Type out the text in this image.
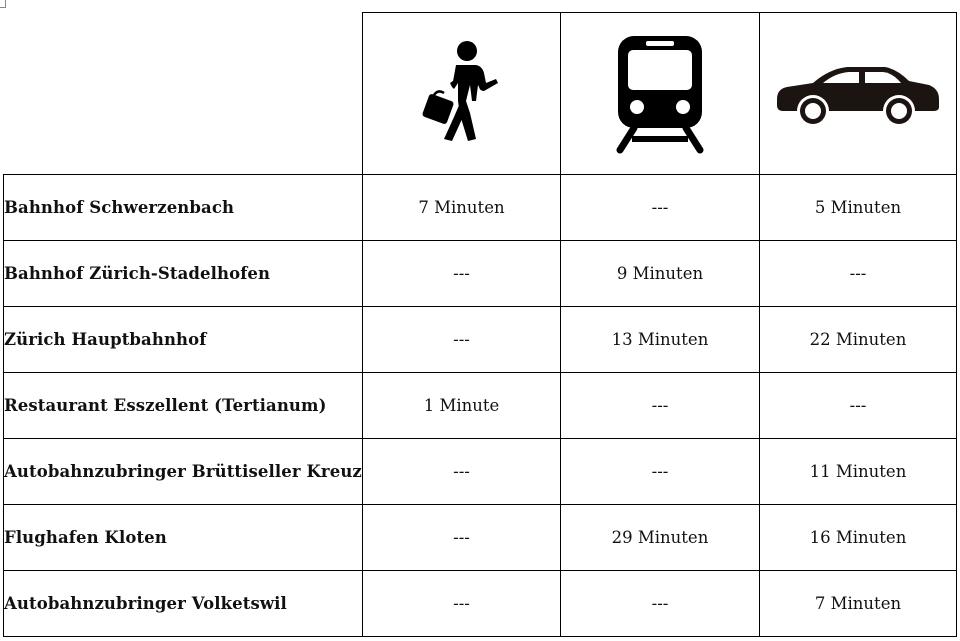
Bahnhof Schwerzenbach	7 Minuten	---	5 Minuten
Bahnhof Zürich-Stadelhofen	---	9 Minuten	---
Zürich Hauptbahnhof	---	13 Minuten	22 Minuten
Restaurant Esszellent (Tertianum)	1 Minute	---	---
Autobahnzubringer Brüttiseller Kreuz	---	---	11 Minuten
Flughafen Kloten	---	29 Minuten	16 Minuten
Autobahnzubringer Volketswil	---	---	7 Minuten
